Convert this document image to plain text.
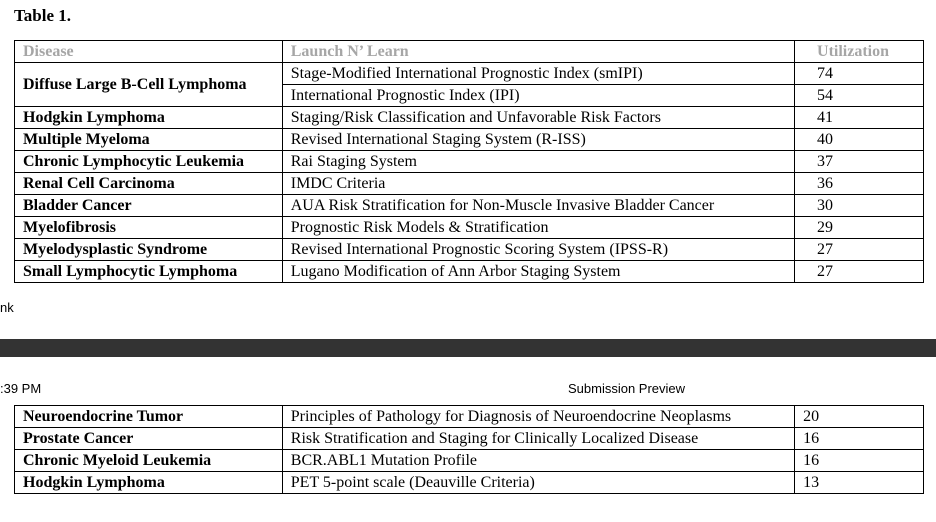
Table 1.
Disease	Launch N’ Learn	Utilization
Diffuse Large B-Cell Lymphoma	Stage-Modified International Prognostic Index (smIPI)	74
	International Prognostic Index (IPI)	54
Hodgkin Lymphoma	Staging/Risk Classification and Unfavorable Risk Factors	41
Multiple Myeloma	Revised International Staging System (R-ISS)	40
Chronic Lymphocytic Leukemia	Rai Staging System	37
Renal Cell Carcinoma	IMDC Criteria	36
Bladder Cancer	AUA Risk Stratification for Non-Muscle Invasive Bladder Cancer	30
Myelofibrosis	Prognostic Risk Models & Stratification	29
Myelodysplastic Syndrome	Revised International Prognostic Scoring System (IPSS-R)	27
Small Lymphocytic Lymphoma	Lugano Modification of Ann Arbor Staging System	27
nk
:39 PM	Submission Preview
Neuroendocrine Tumor	Principles of Pathology for Diagnosis of Neuroendocrine Neoplasms	20
Prostate Cancer	Risk Stratification and Staging for Clinically Localized Disease	16
Chronic Myeloid Leukemia	BCR.ABL1 Mutation Profile	16
Hodgkin Lymphoma	PET 5-point scale (Deauville Criteria)	13
